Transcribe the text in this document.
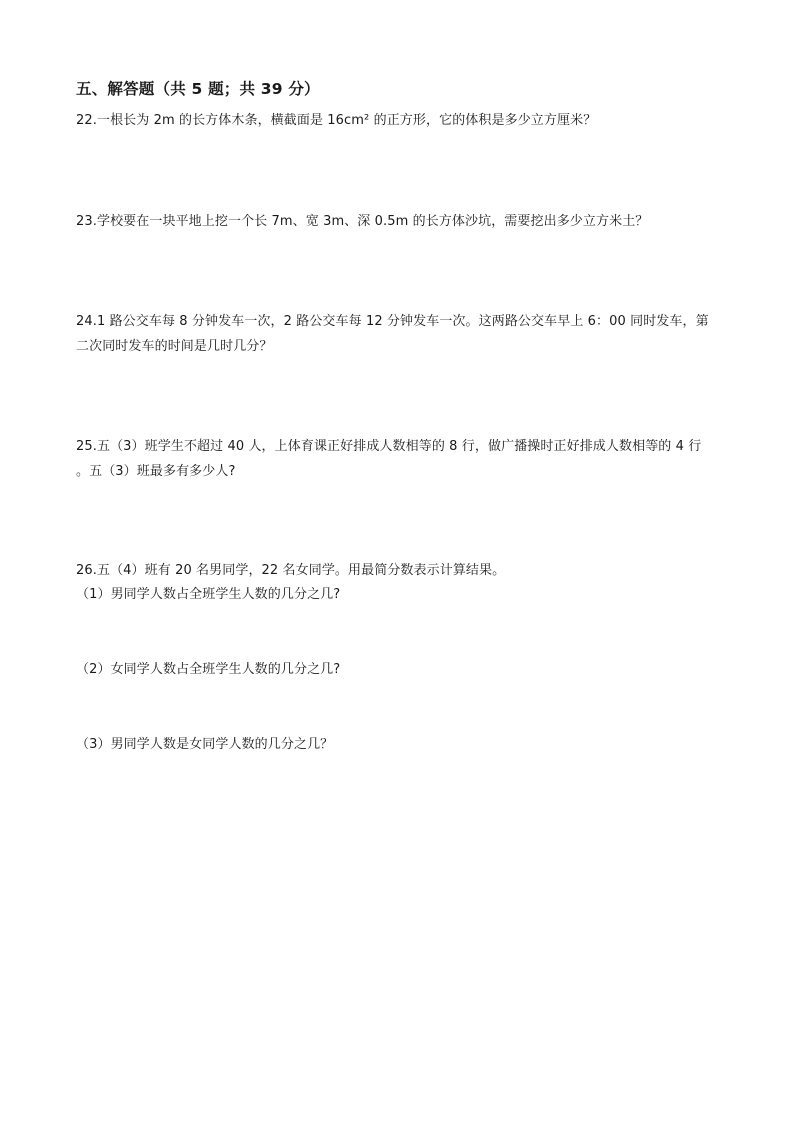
五、解答题（共 5 题；共 39 分）

22.一根长为 2m 的长方体木条，横截面是 16cm² 的正方形，它的体积是多少立方厘米？

23.学校要在一块平地上挖一个长 7m、宽 3m、深 0.5m 的长方体沙坑，需要挖出多少立方米土？

24.1 路公交车每 8 分钟发车一次，2 路公交车每 12 分钟发车一次。这两路公交车早上 6：00 同时发车，第

二次同时发车的时间是几时几分？

25.五（3）班学生不超过 40 人，上体育课正好排成人数相等的 8 行，做广播操时正好排成人数相等的 4 行

。五（3）班最多有多少人?

26.五（4）班有 20 名男同学，22 名女同学。用最简分数表示计算结果。

（1）男同学人数占全班学生人数的几分之几?

（2）女同学人数占全班学生人数的几分之几?
（3）男同学人数是女同学人数的几分之几？
